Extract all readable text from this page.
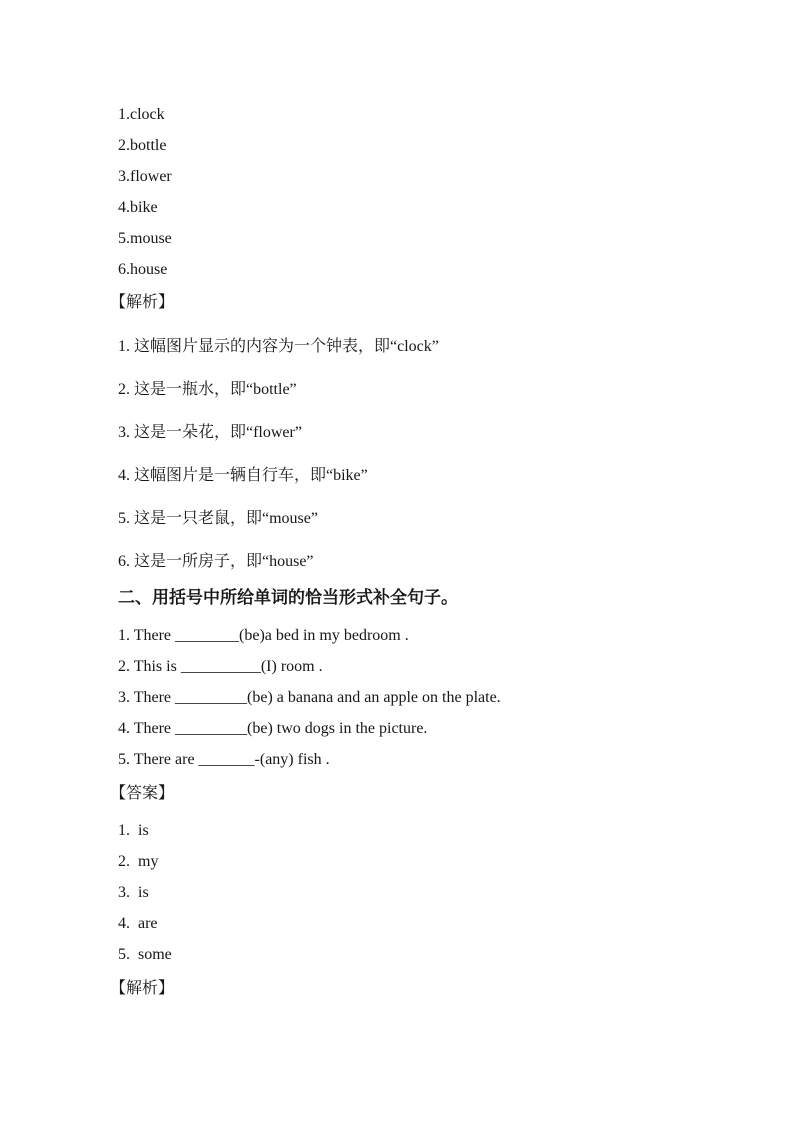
1.clock

2.bottle

3.flower

4.bike

5.mouse

6.house

【解析】

1. 这幅图片显示的内容为一个钟表，即“clock”

2. 这是一瓶水，即“bottle”

3. 这是一朵花，即“flower”

4. 这幅图片是一辆自行车，即“bike”

5. 这是一只老鼠，即“mouse”

6. 这是一所房子，即“house”

二、用括号中所给单词的恰当形式补全句子。

1. There ________(be)a bed in my bedroom .

2. This is __________(I) room .

3. There _________(be) a banana and an apple on the plate.

4. There _________(be) two dogs in the picture.

5. There are _______-(any) fish .

【答案】

1.  is

2.  my

3.  is

4.  are

5.  some

【解析】
